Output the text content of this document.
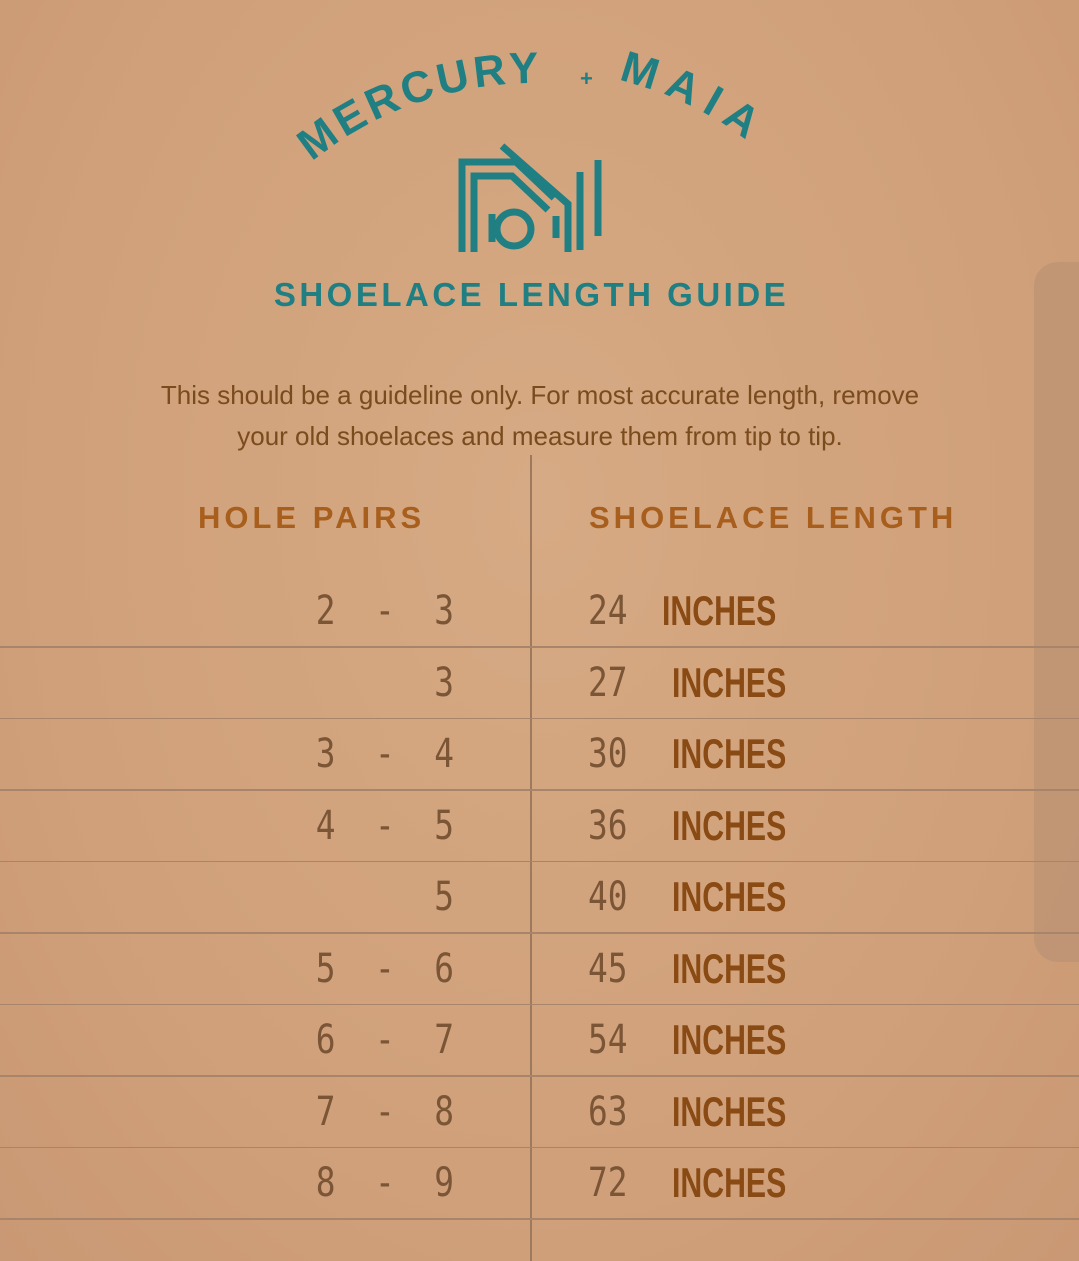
MERCURY + MAIA
SHOELACE LENGTH GUIDE
This should be a guideline only. For most accurate length, remove
your old shoelaces and measure them from tip to tip.
HOLE PAIRS	SHOELACE LENGTH
2  -  3	24 INCHES
3	27 INCHES
3  -  4	30 INCHES
4  -  5	36 INCHES
5	40 INCHES
5  -  6	45 INCHES
6  -  7	54 INCHES
7  -  8	63 INCHES
8  -  9	72 INCHES
